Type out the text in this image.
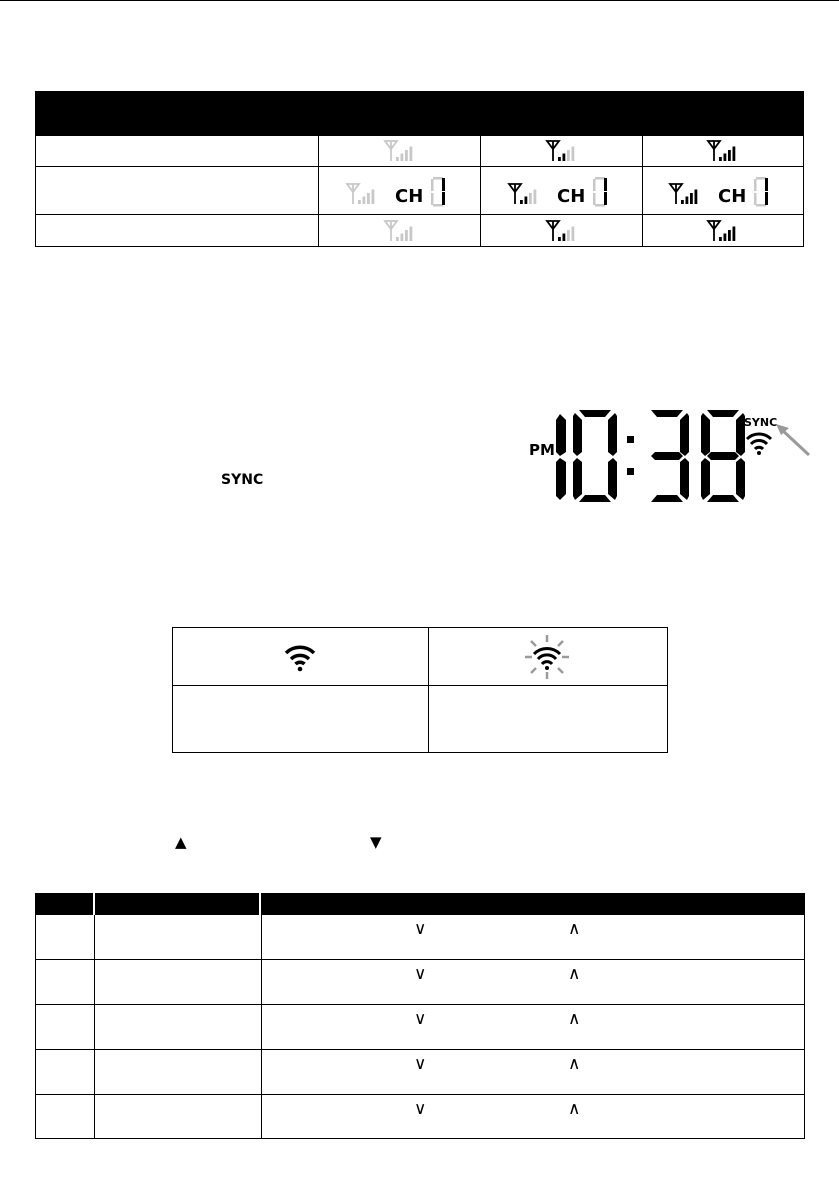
CH	CH	CH
PM
SYNC
SYNC
▲	▼
∨	∧
∨	∧
∨	∧
∨	∧
∨	∧
